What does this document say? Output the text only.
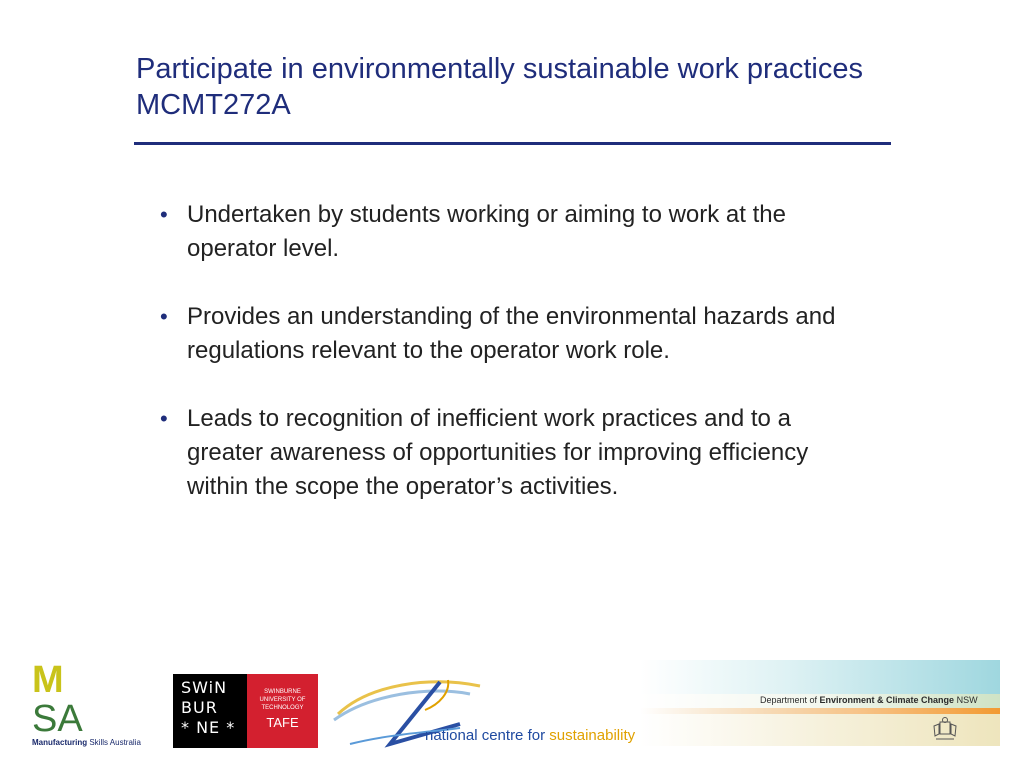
Participate in environmentally sustainable work practices MCMT272A
• Undertaken by students working or aiming to work at the operator level.
• Provides an understanding of the environmental hazards and regulations relevant to the operator work role.
• Leads to recognition of inefficient work practices and to a greater awareness of opportunities for improving efficiency within the scope the operator’s activities.
M
SA
Manufacturing Skills Australia
SWiN
BUR
* NE *
SWINBURNE
UNIVERSITY OF
TECHNOLOGY
TAFE
national centre for sustainability
Department of Environment & Climate Change NSW
